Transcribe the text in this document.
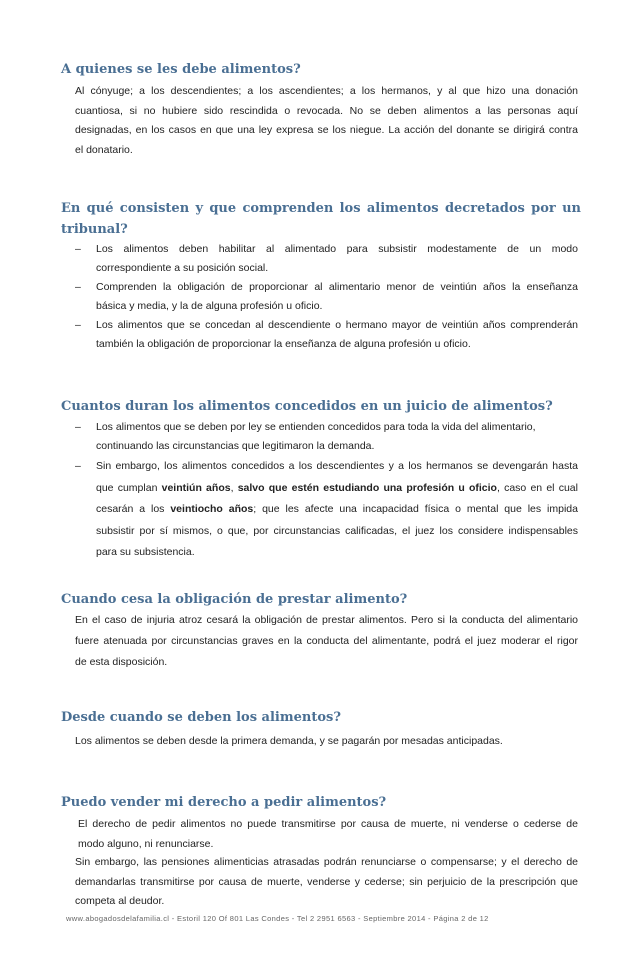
A quienes se les debe alimentos?
Al cónyuge; a los descendientes; a los ascendientes; a los hermanos, y al que hizo una donación
cuantiosa, si no hubiere sido rescindida o revocada. No se deben alimentos a las personas aquí
designadas, en los casos en que una ley expresa se los niegue. La acción del donante se dirigirá contra
el donatario.
En qué consisten y que comprenden los alimentos decretados por un
tribunal?
– Los alimentos deben habilitar al alimentado para subsistir modestamente de un modo
correspondiente a su posición social.
– Comprenden la obligación de proporcionar al alimentario menor de veintiún años la enseñanza
básica y media, y la de alguna profesión u oficio.
– Los alimentos que se concedan al descendiente o hermano mayor de veintiún años comprenderán
también la obligación de proporcionar la enseñanza de alguna profesión u oficio.
Cuantos duran los alimentos concedidos en un juicio de alimentos?
– Los alimentos que se deben por ley se entienden concedidos para toda la vida del alimentario,
continuando las circunstancias que legitimaron la demanda.
– Sin embargo, los alimentos concedidos a los descendientes y a los hermanos se devengarán hasta
que cumplan veintiún años, salvo que estén estudiando una profesión u oficio, caso en el cual
cesarán a los veintiocho años; que les afecte una incapacidad física o mental que les impida
subsistir por sí mismos, o que, por circunstancias calificadas, el juez los considere indispensables
para su subsistencia.
Cuando cesa la obligación de prestar alimento?
En el caso de injuria atroz cesará la obligación de prestar alimentos. Pero si la conducta del alimentario
fuere atenuada por circunstancias graves en la conducta del alimentante, podrá el juez moderar el rigor
de esta disposición.
Desde cuando se deben los alimentos?
Los alimentos se deben desde la primera demanda, y se pagarán por mesadas anticipadas.
Puedo vender mi derecho a pedir alimentos?
El derecho de pedir alimentos no puede transmitirse por causa de muerte, ni venderse o cederse de
modo alguno, ni renunciarse.
Sin embargo, las pensiones alimenticias atrasadas podrán renunciarse o compensarse; y el derecho de
demandarlas transmitirse por causa de muerte, venderse y cederse; sin perjuicio de la prescripción que
competa al deudor.
www.abogadosdelafamilia.cl - Estoril 120 Of 801 Las Condes - Tel 2 2951 6563 - Septiembre 2014 - Página 2 de 12
